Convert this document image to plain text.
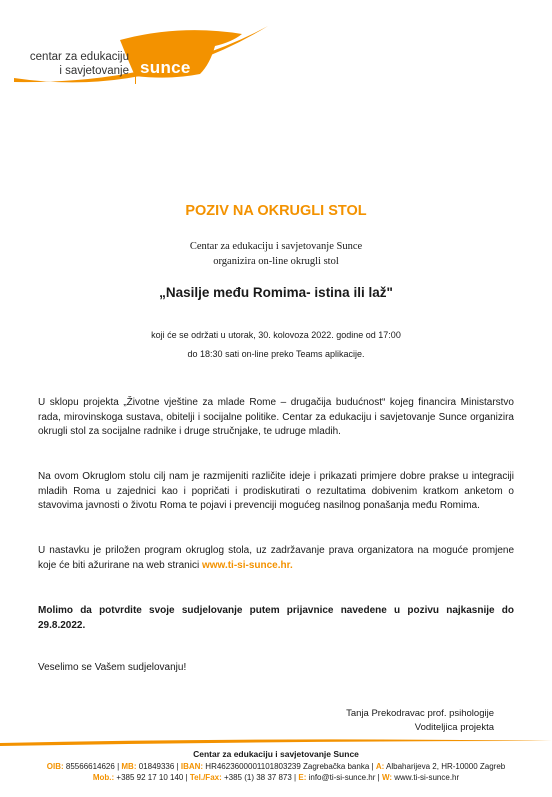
centar za edukaciju
i savjetovanje sunce
POZIV NA OKRUGLI STOL
Centar za edukaciju i savjetovanje Sunce
organizira on-line okrugli stol
„Nasilje među Romima- istina ili laž"
koji će se održati u utorak, 30. kolovoza 2022. godine od 17:00
do 18:30 sati on-line preko Teams aplikacije.
U sklopu projekta „Životne vještine za mlade Rome – drugačija budućnost“ kojeg financira Ministarstvo rada, mirovinskoga sustava, obitelji i socijalne politike. Centar za edukaciju i savjetovanje Sunce organizira okrugli stol za socijalne radnike i druge stručnjake, te udruge mladih.
Na ovom Okruglom stolu cilj nam je razmijeniti različite ideje i prikazati primjere dobre prakse u integraciji mladih Roma u zajednici kao i popričati i prodiskutirati o rezultatima dobivenim kratkom anketom o stavovima javnosti o životu Roma te pojavi i prevenciji mogućeg nasilnog ponašanja među Romima.
U nastavku je priložen program okruglog stola, uz zadržavanje prava organizatora na moguće promjene koje će biti ažurirane na web stranici www.ti-si-sunce.hr.
Molimo da potvrdite svoje sudjelovanje putem prijavnice navedene u pozivu najkasnije do 29.8.2022.
Veselimo se Vašem sudjelovanju!
Tanja Prekodravac prof. psihologije
Voditeljica projekta
Centar za edukaciju i savjetovanje Sunce
OIB: 85566614626 | MB: 01849336 | IBAN: HR4623600001101803239 Zagrebačka banka | A: Albaharijeva 2, HR-10000 Zagreb
Mob.: +385 92 17 10 140 | Tel./Fax: +385 (1) 38 37 873 | E: info@ti-si-sunce.hr | W: www.ti-si-sunce.hr
